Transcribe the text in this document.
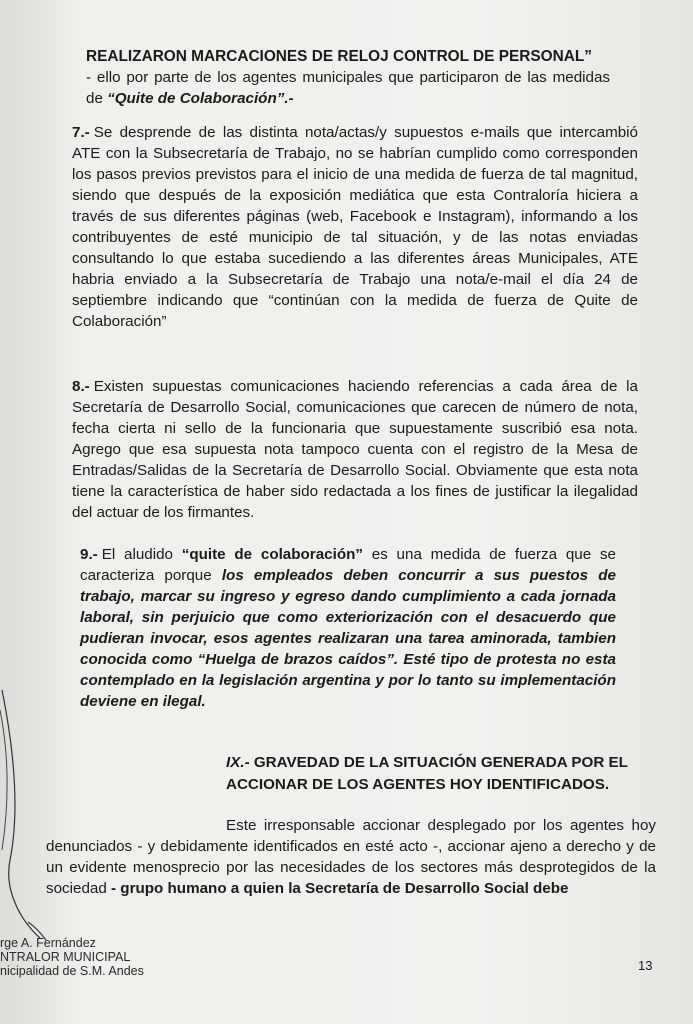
REALIZARON MARCACIONES DE RELOJ CONTROL DE PERSONAL”
- ello por parte de los agentes municipales que participaron de las medidas de “Quite de Colaboración”.-
7.- Se desprende de las distinta nota/actas/y supuestos e-mails que intercambió ATE con la Subsecretaría de Trabajo, no se habrían cumplido como corresponden los pasos previos previstos para el inicio de una medida de fuerza de tal magnitud, siendo que después de la exposición mediática que esta Contraloría hiciera a través de sus diferentes páginas (web, Facebook e Instagram), informando a los contribuyentes de esté municipio de tal situación, y de las notas enviadas consultando lo que estaba sucediendo a las diferentes áreas Municipales, ATE habria enviado a la Subsecretaría de Trabajo una nota/e-mail el día 24 de septiembre indicando que “continúan con la medida de fuerza de Quite de Colaboración”
8.- Existen supuestas comunicaciones haciendo referencias a cada área de la Secretaría de Desarrollo Social, comunicaciones que carecen de número de nota, fecha cierta ni sello de la funcionaria que supuestamente suscribió esa nota. Agrego que esa supuesta nota tampoco cuenta con el registro de la Mesa de Entradas/Salidas de la Secretaría de Desarrollo Social. Obviamente que esta nota tiene la característica de haber sido redactada a los fines de justificar la ilegalidad del actuar de los firmantes.
9.- El aludido “quite de colaboración” es una medida de fuerza que se caracteriza porque los empleados deben concurrir a sus puestos de trabajo, marcar su ingreso y egreso dando cumplimiento a cada jornada laboral, sin perjuicio que como exteriorización con el desacuerdo que pudieran invocar, esos agentes realizaran una tarea aminorada, tambien conocida como “Huelga de brazos caídos”. Esté tipo de protesta no esta contemplado en la legislación argentina y por lo tanto su implementación deviene en ilegal.
IX.- GRAVEDAD DE LA SITUACIÓN GENERADA POR EL ACCIONAR DE LOS AGENTES HOY IDENTIFICADOS.
Este irresponsable accionar desplegado por los agentes hoy denunciados - y debidamente identificados en esté acto -, accionar ajeno a derecho y de un evidente menosprecio por las necesidades de los sectores más desprotegidos de la sociedad - grupo humano a quien la Secretaría de Desarrollo Social debe
rge A. Fernández
NTRALOR MUNICIPAL
nicipalidad de S.M. Andes	13
